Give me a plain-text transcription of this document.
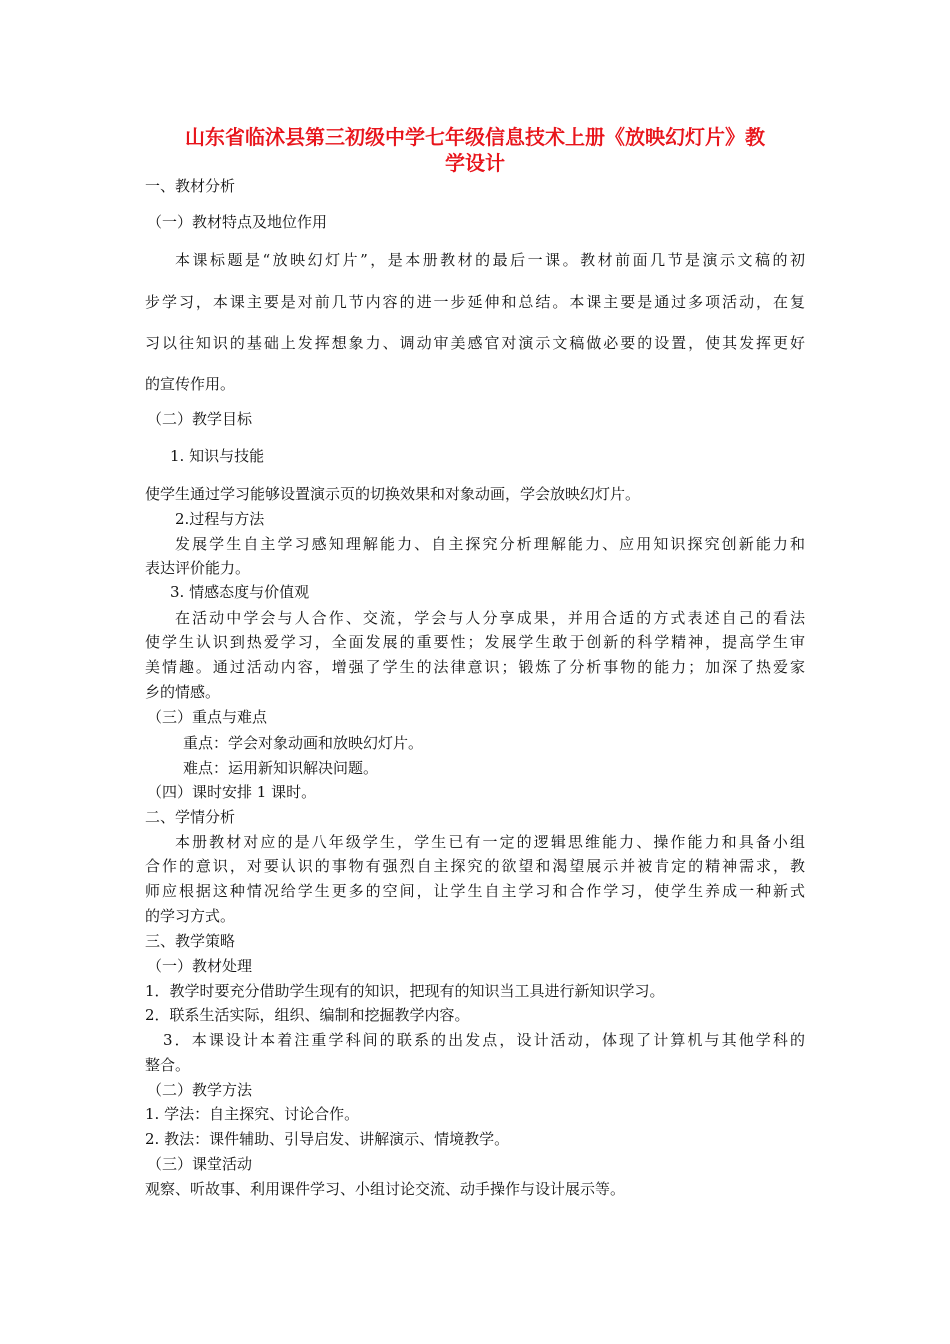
山东省临沭县第三初级中学七年级信息技术上册《放映幻灯片》教
学设计

一、教材分析

（一）教材特点及地位作用

本课标题是“放映幻灯片”，是本册教材的最后一课。教材前面几节是演示文稿的初

步学习，本课主要是对前几节内容的进一步延伸和总结。本课主要是通过多项活动，在复

习以往知识的基础上发挥想象力、调动审美感官对演示文稿做必要的设置，使其发挥更好

的宣传作用。

（二）教学目标

1. 知识与技能

使学生通过学习能够设置演示页的切换效果和对象动画，学会放映幻灯片。

2.过程与方法

发展学生自主学习感知理解能力、自主探究分析理解能力、应用知识探究创新能力和

表达评价能力。

3. 情感态度与价值观

在活动中学会与人合作、交流，学会与人分享成果，并用合适的方式表述自己的看法

使学生认识到热爱学习，全面发展的重要性；发展学生敢于创新的科学精神，提高学生审

美情趣。通过活动内容，增强了学生的法律意识；锻炼了分析事物的能力；加深了热爱家

乡的情感。

（三）重点与难点

重点：学会对象动画和放映幻灯片。

难点：运用新知识解决问题。

（四）课时安排 1 课时。

二、学情分析

本册教材对应的是八年级学生，学生已有一定的逻辑思维能力、操作能力和具备小组

合作的意识，对要认识的事物有强烈自主探究的欲望和渴望展示并被肯定的精神需求，教

师应根据这种情况给学生更多的空间，让学生自主学习和合作学习，使学生养成一种新式

的学习方式。

三、教学策略

（一）教材处理

1．教学时要充分借助学生现有的知识，把现有的知识当工具进行新知识学习。

2．联系生活实际，组织、编制和挖掘教学内容。

3．本课设计本着注重学科间的联系的出发点，设计活动，体现了计算机与其他学科的

整合。

（二）教学方法

1. 学法：自主探究、讨论合作。

2. 教法：课件辅助、引导启发、讲解演示、情境教学。

（三）课堂活动

观察、听故事、利用课件学习、小组讨论交流、动手操作与设计展示等。
